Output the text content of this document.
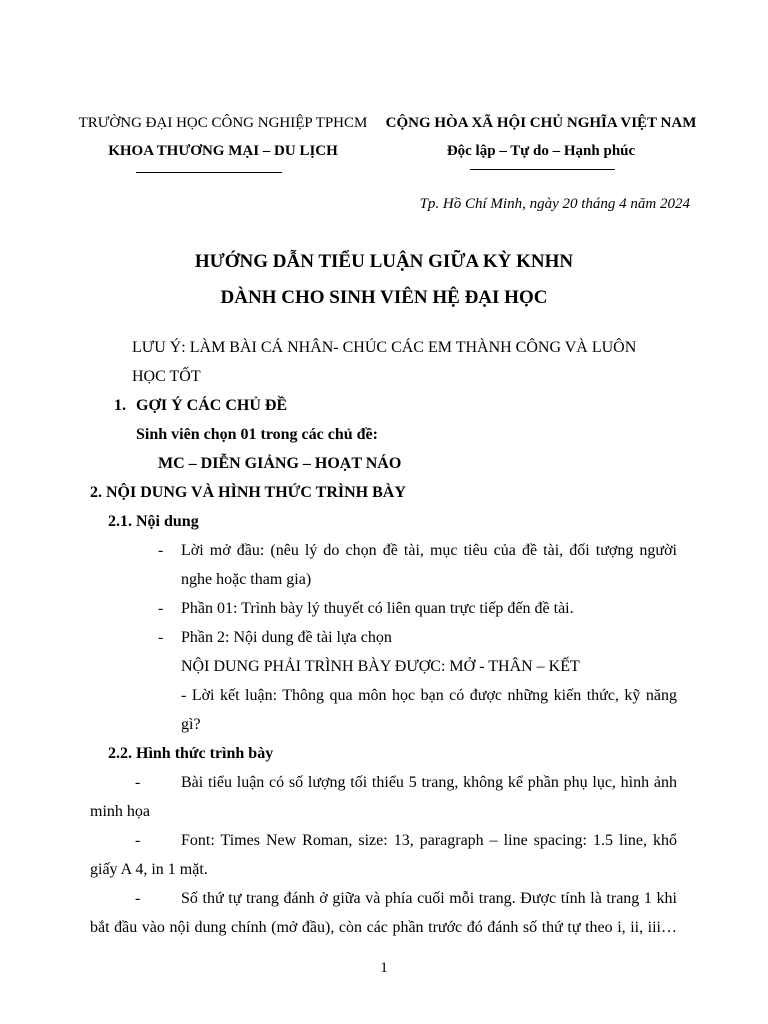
TRƯỜNG ĐẠI HỌC CÔNG NGHIỆP TPHCM
KHOA THƯƠNG MẠI – DU LỊCH
CỘNG HÒA XÃ HỘI CHỦ NGHĨA VIỆT NAM
Độc lập – Tự do – Hạnh phúc
Tp. Hồ Chí Minh, ngày 20 tháng 4 năm 2024
HƯỚNG DẪN TIỂU LUẬN GIỮA KỲ KNHN
DÀNH CHO SINH VIÊN HỆ ĐẠI HỌC
LƯU Ý: LÀM BÀI CÁ NHÂN- CHÚC CÁC EM THÀNH CÔNG VÀ LUÔN
HỌC TỐT
1. GỢI Ý CÁC CHỦ ĐỀ
Sinh viên chọn 01 trong các chủ đề:
MC – DIỄN GIẢNG – HOẠT NÁO
2. NỘI DUNG VÀ HÌNH THỨC TRÌNH BÀY
2.1. Nội dung
- Lời mở đầu: (nêu lý do chọn đề tài, mục tiêu của đề tài, đối tượng người
nghe hoặc tham gia)
- Phần 01: Trình bày lý thuyết có liên quan trực tiếp đến đề tài.
- Phần 2: Nội dung đề tài lựa chọn
NỘI DUNG PHẢI TRÌNH BÀY ĐƯỢC: MỞ - THÂN – KẾT
- Lời kết luận: Thông qua môn học bạn có được những kiến thức, kỹ năng
gì?
2.2. Hình thức trình bày
-	Bài tiểu luận có số lượng tối thiểu 5 trang, không kể phần phụ lục, hình ảnh
minh họa
-	Font: Times New Roman, size: 13, paragraph – line spacing: 1.5 line, khổ
giấy A 4, in 1 mặt.
-	Số thứ tự trang đánh ở giữa và phía cuối mỗi trang. Được tính là trang 1 khi
bắt đầu vào nội dung chính (mở đầu), còn các phần trước đó đánh số thứ tự theo i, ii, iii…
1
